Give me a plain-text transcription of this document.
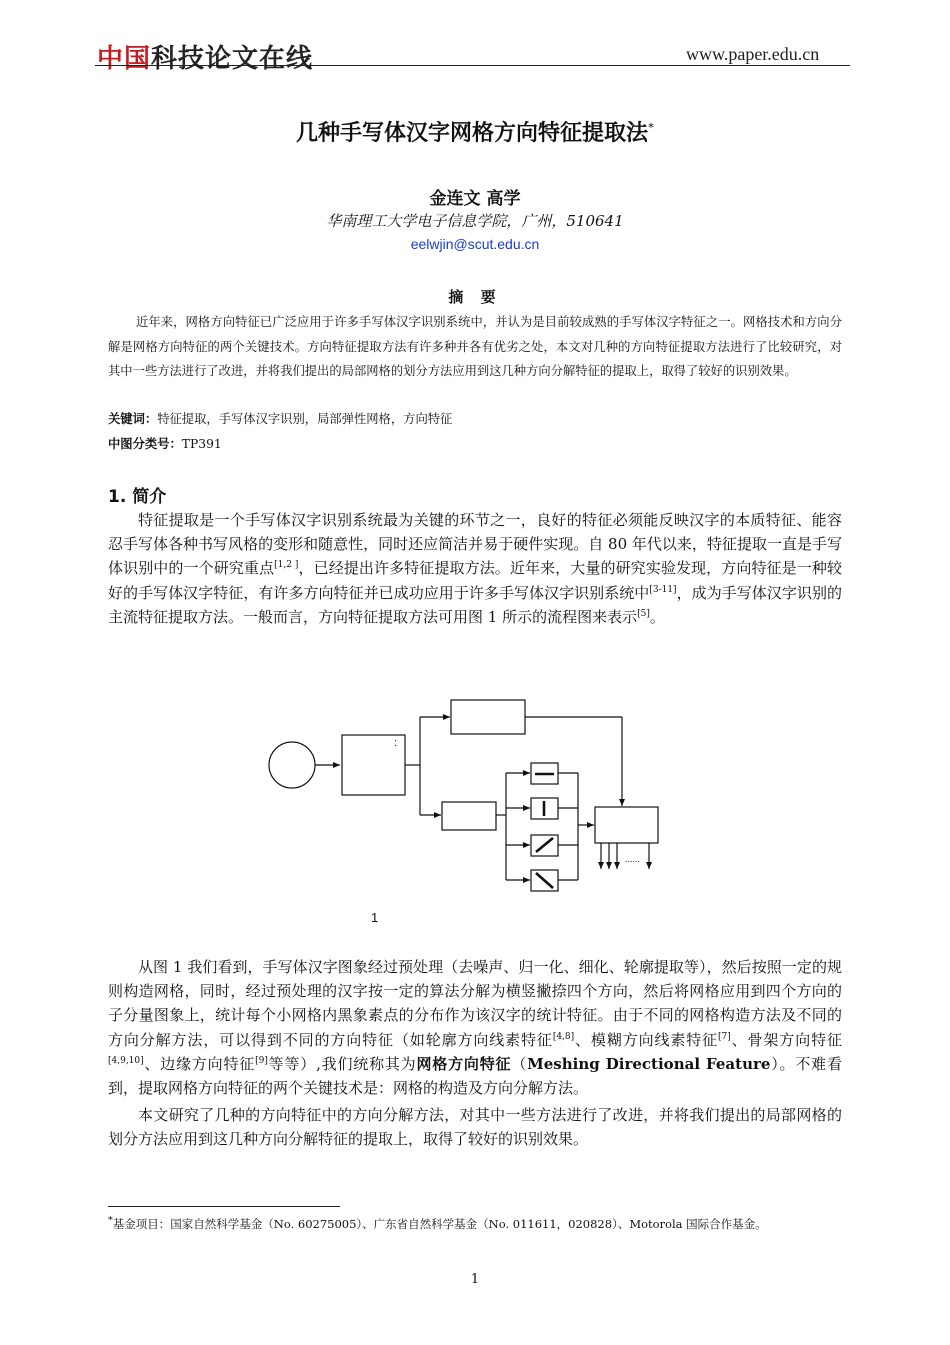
中国科技论文在线	www.paper.edu.cn
几种手写体汉字网格方向特征提取法*
金连文 高学
华南理工大学电子信息学院，广州，510641
eelwjin@scut.edu.cn
摘 要
近年来，网格方向特征已广泛应用于许多手写体汉字识别系统中，并认为是目前较成熟的手写体汉字特征之一。网格技术和方向分解是网格方向特征的两个关键技术。方向特征提取方法有许多种并各有优劣之处，本文对几种的方向特征提取方法进行了比较研究，对其中一些方法进行了改进，并将我们提出的局部网格的划分方法应用到这几种方向分解特征的提取上，取得了较好的识别效果。
关键词：特征提取，手写体汉字识别，局部弹性网格，方向特征
中图分类号：TP391
1. 简介
特征提取是一个手写体汉字识别系统最为关键的环节之一，良好的特征必须能反映汉字的本质特征、能容忍手写体各种书写风格的变形和随意性，同时还应简洁并易于硬件实现。自 80 年代以来，特征提取一直是手写体识别中的一个研究重点[1,2 ]，已经提出许多特征提取方法。近年来，大量的研究实验发现，方向特征是一种较好的手写体汉字特征，有许多方向特征并已成功应用于许多手写体汉字识别系统中[3-11]，成为手写体汉字识别的主流特征提取方法。一般而言，方向特征提取方法可用图 1 所示的流程图来表示[5]。
:
......
1
从图 1 我们看到，手写体汉字图象经过预处理（去噪声、归一化、细化、轮廓提取等），然后按照一定的规则构造网格，同时，经过预处理的汉字按一定的算法分解为横竖撇捺四个方向，然后将网格应用到四个方向的子分量图象上，统计每个小网格内黑象素点的分布作为该汉字的统计特征。由于不同的网格构造方法及不同的方向分解方法，可以得到不同的方向特征（如轮廓方向线素特征[4,8]、模糊方向线素特征[7]、骨架方向特征[4,9,10]、边缘方向特征[9]等等）,我们统称其为网格方向特征（Meshing Directional Feature）。不难看到，提取网格方向特征的两个关键技术是：网格的构造及方向分解方法。
本文研究了几种的方向特征中的方向分解方法，对其中一些方法进行了改进，并将我们提出的局部网格的划分方法应用到这几种方向分解特征的提取上，取得了较好的识别效果。
*基金项目：国家自然科学基金（No. 60275005）、广东省自然科学基金（No. 011611，020828）、Motorola 国际合作基金。
1
